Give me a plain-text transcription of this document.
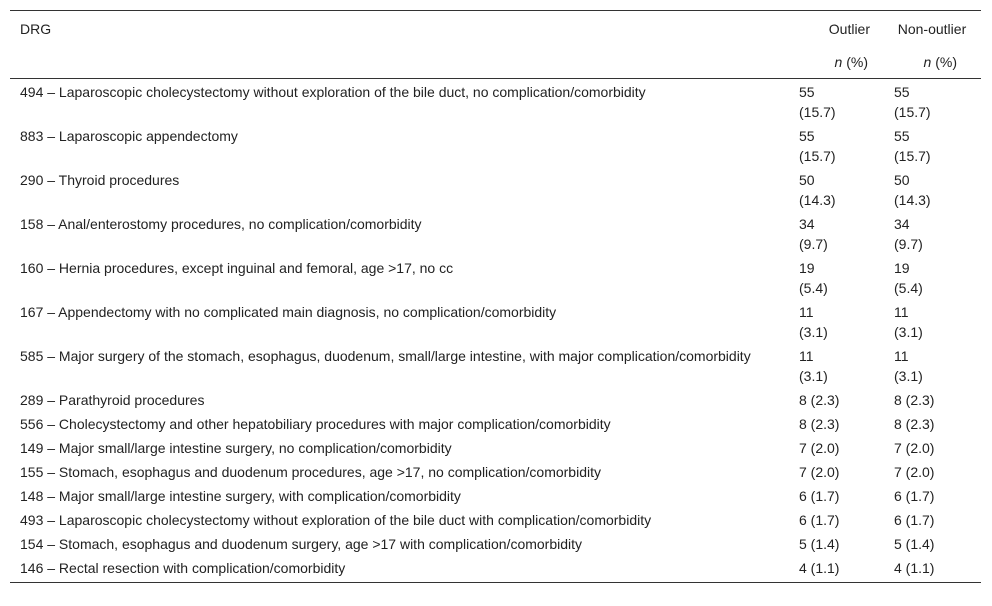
DRG	Outlier	Non-outlier
	n (%)	n (%)
494 – Laparoscopic cholecystectomy without exploration of the bile duct, no complication/comorbidity	55 (15.7)	55 (15.7)
883 – Laparoscopic appendectomy	55 (15.7)	55 (15.7)
290 – Thyroid procedures	50 (14.3)	50 (14.3)
158 – Anal/enterostomy procedures, no complication/comorbidity	34 (9.7)	34 (9.7)
160 – Hernia procedures, except inguinal and femoral, age >17, no cc	19 (5.4)	19 (5.4)
167 – Appendectomy with no complicated main diagnosis, no complication/comorbidity	11 (3.1)	11 (3.1)
585 – Major surgery of the stomach, esophagus, duodenum, small/large intestine, with major complication/comorbidity	11 (3.1)	11 (3.1)
289 – Parathyroid procedures	8 (2.3)	8 (2.3)
556 – Cholecystectomy and other hepatobiliary procedures with major complication/comorbidity	8 (2.3)	8 (2.3)
149 – Major small/large intestine surgery, no complication/comorbidity	7 (2.0)	7 (2.0)
155 – Stomach, esophagus and duodenum procedures, age >17, no complication/comorbidity	7 (2.0)	7 (2.0)
148 – Major small/large intestine surgery, with complication/comorbidity	6 (1.7)	6 (1.7)
493 – Laparoscopic cholecystectomy without exploration of the bile duct with complication/comorbidity	6 (1.7)	6 (1.7)
154 – Stomach, esophagus and duodenum surgery, age >17 with complication/comorbidity	5 (1.4)	5 (1.4)
146 – Rectal resection with complication/comorbidity	4 (1.1)	4 (1.1)
